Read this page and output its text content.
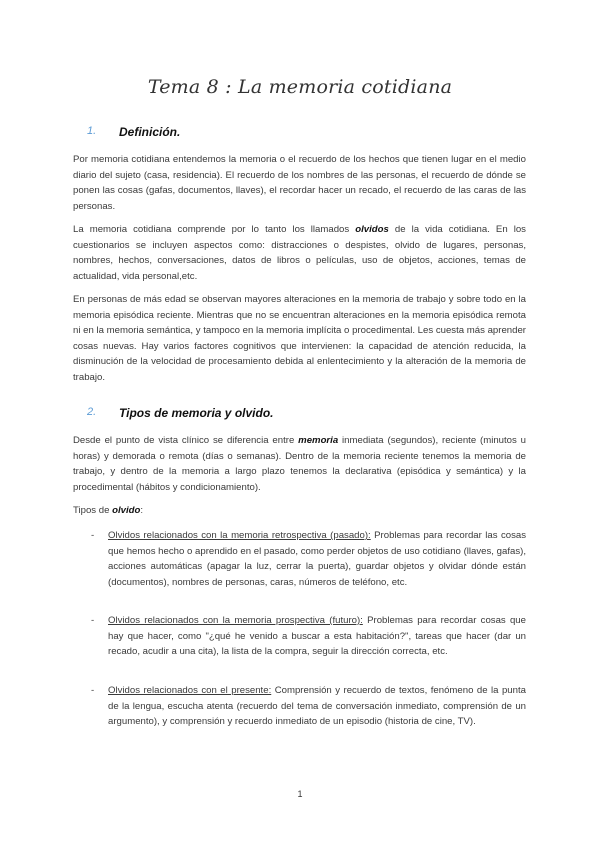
Tema 8 : La memoria cotidiana
1. Definición.

Por memoria cotidiana entendemos la memoria o el recuerdo de los hechos que tienen lugar en el medio diario del sujeto (casa, residencia). El recuerdo de los nombres de las personas, el recuerdo de dónde se ponen las cosas (gafas, documentos, llaves), el recordar hacer un recado, el recuerdo de las caras de las personas.

La memoria cotidiana comprende por lo tanto los llamados olvidos de la vida cotidiana. En los cuestionarios se incluyen aspectos como: distracciones o despistes, olvido de lugares, personas, nombres, hechos, conversaciones, datos de libros o películas, uso de objetos, acciones, temas de actualidad, vida personal,etc.

En personas de más edad se observan mayores alteraciones en la memoria de trabajo y sobre todo en la memoria episódica reciente. Mientras que no se encuentran alteraciones en la memoria episódica remota ni en la memoria semántica, y tampoco en la memoria implícita o procedimental. Les cuesta más aprender cosas nuevas. Hay varios factores cognitivos que intervienen: la capacidad de atención reducida, la disminución de la velocidad de procesamiento debida al enlentecimiento y la alteración de la memoria de trabajo.

2. Tipos de memoria y olvido.

Desde el punto de vista clínico se diferencia entre memoria inmediata (segundos), reciente (minutos u horas) y demorada o remota (días o semanas). Dentro de la memoria reciente tenemos la memoria de trabajo, y dentro de la memoria a largo plazo tenemos la declarativa (episódica y semántica) y la procedimental (hábitos y condicionamiento).

Tipos de olvido:

- Olvidos relacionados con la memoria retrospectiva (pasado): Problemas para recordar las cosas que hemos hecho o aprendido en el pasado, como perder objetos de uso cotidiano (llaves, gafas), acciones automáticas (apagar la luz, cerrar la puerta), guardar objetos y olvidar dónde están (documentos), nombres de personas, caras, números de teléfono, etc.
- Olvidos relacionados con la memoria prospectiva (futuro): Problemas para recordar cosas que hay que hacer, como "¿qué he venido a buscar a esta habitación?", tareas que hacer (dar un recado, acudir a una cita), la lista de la compra, seguir la dirección correcta, etc.
- Olvidos relacionados con el presente: Comprensión y recuerdo de textos, fenómeno de la punta de la lengua, escucha atenta (recuerdo del tema de conversación inmediato, comprensión de un argumento), y comprensión y recuerdo inmediato de un episodio (historia de cine, TV).
1
